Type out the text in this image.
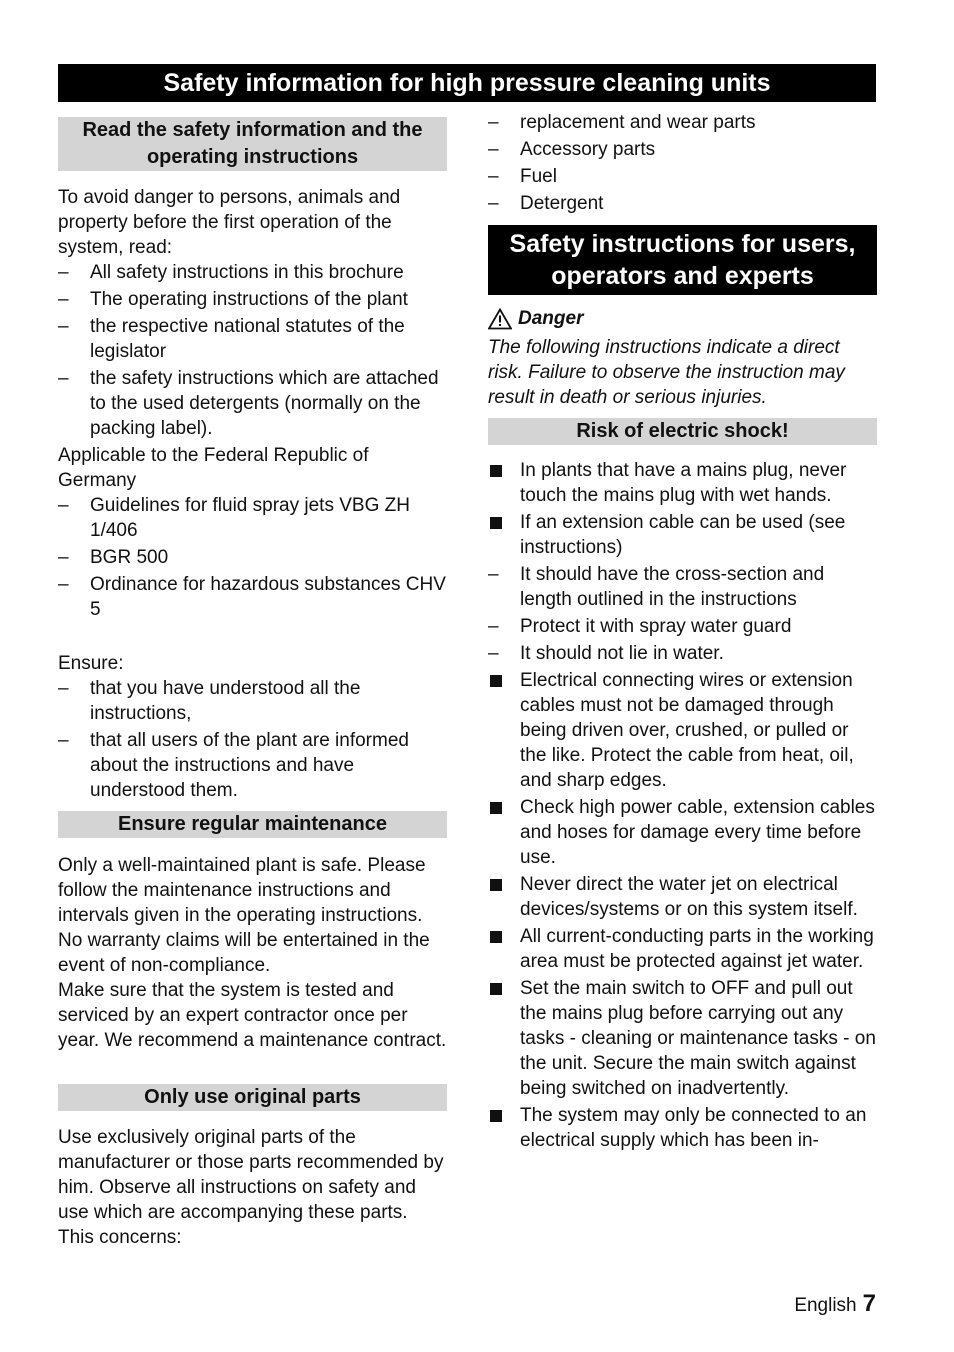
Safety information for high pressure cleaning units
Read the safety information and the operating instructions

To avoid danger to persons, animals and property before the first operation of the system, read:

– All safety instructions in this brochure
– The operating instructions of the plant
– the respective national statutes of the legislator
– the safety instructions which are attached to the used detergents (normally on the packing label).

Applicable to the Federal Republic of Germany

– Guidelines for fluid spray jets VBG ZH 1/406
– BGR 500
– Ordinance for hazardous substances CHV 5

Ensure:

– that you have understood all the instructions,
– that all users of the plant are informed about the instructions and have understood them.
Ensure regular maintenance

Only a well-maintained plant is safe. Please follow the maintenance instructions and intervals given in the operating instructions. No warranty claims will be entertained in the event of non-compliance.

Make sure that the system is tested and serviced by an expert contractor once per year. We recommend a maintenance contract.

Only use original parts

Use exclusively original parts of the manufacturer or those parts recommended by him. Observe all instructions on safety and use which are accompanying these parts. This concerns:

– replacement and wear parts
– Accessory parts
– Fuel
– Detergent
Safety instructions for users, operators and experts
Danger

The following instructions indicate a direct risk. Failure to observe the instruction may result in death or serious injuries.

Risk of electric shock!
In plants that have a mains plug, never touch the mains plug with wet hands.
If an extension cable can be used (see instructions)
– It should have the cross-section and length outlined in the instructions
– Protect it with spray water guard
– It should not lie in water.
Electrical connecting wires or extension cables must not be damaged through being driven over, crushed, or pulled or the like. Protect the cable from heat, oil, and sharp edges.
Check high power cable, extension cables and hoses for damage every time before use.
Never direct the water jet on electrical devices/systems or on this system itself.
All current-conducting parts in the working area must be protected against jet water.
Set the main switch to OFF and pull out the mains plug before carrying out any tasks - cleaning or maintenance tasks - on the unit. Secure the main switch against being switched on inadvertently.
The system may only be connected to an electrical supply which has been in-
English 7
